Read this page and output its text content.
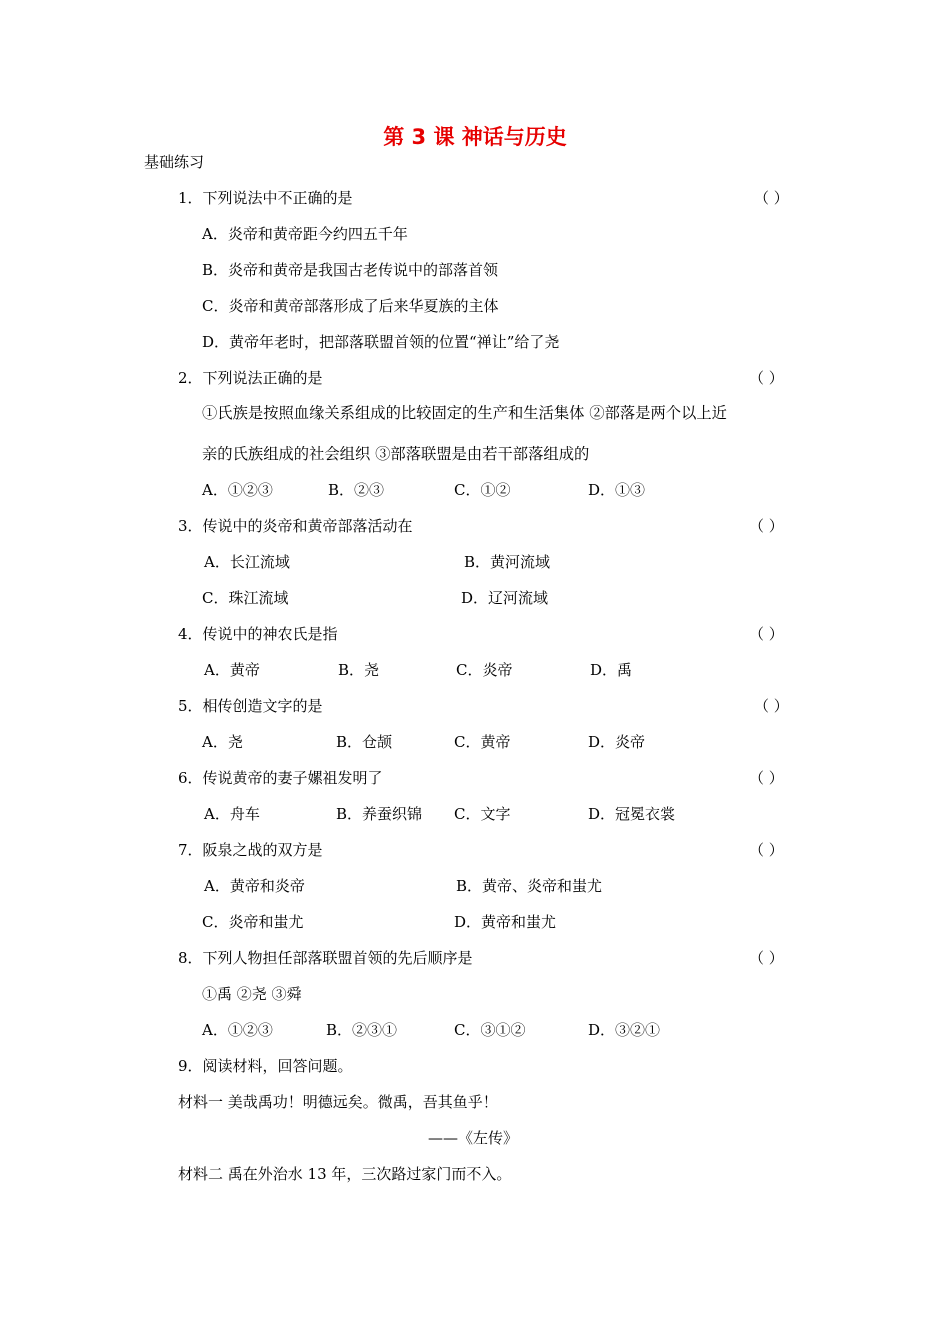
第 3 课 神话与历史
基础练习
1．下列说法中不正确的是	（ ）
A．炎帝和黄帝距今约四五千年
B．炎帝和黄帝是我国古老传说中的部落首领
C．炎帝和黄帝部落形成了后来华夏族的主体
D．黄帝年老时，把部落联盟首领的位置“禅让”给了尧
2．下列说法正确的是	（ ）
①氏族是按照血缘关系组成的比较固定的生产和生活集体 ②部落是两个以上近
亲的氏族组成的社会组织 ③部落联盟是由若干部落组成的
A．①②③	B．②③	C．①②	D．①③
3．传说中的炎帝和黄帝部落活动在	（ ）
A．长江流域	B．黄河流域
C．珠江流域	D．辽河流域
4．传说中的神农氏是指	（ ）
A．黄帝	B．尧	C．炎帝	D．禹
5．相传创造文字的是	（ ）
A．尧	B．仓颉	C．黄帝	D．炎帝
6．传说黄帝的妻子嫘祖发明了	（ ）
A．舟车	B．养蚕织锦 C．文字	D．冠冕衣裳
7．阪泉之战的双方是	（ ）
A．黄帝和炎帝	B．黄帝、炎帝和蚩尤
C．炎帝和蚩尤	D．黄帝和蚩尤
8．下列人物担任部落联盟首领的先后顺序是	（ ）
①禹 ②尧 ③舜
A．①②③	B．②③①	C．③①②	D．③②①
9．阅读材料，回答问题。
材料一 美哉禹功！明德远矣。微禹，吾其鱼乎！
——《左传》
材料二 禹在外治水 13 年，三次路过家门而不入。
